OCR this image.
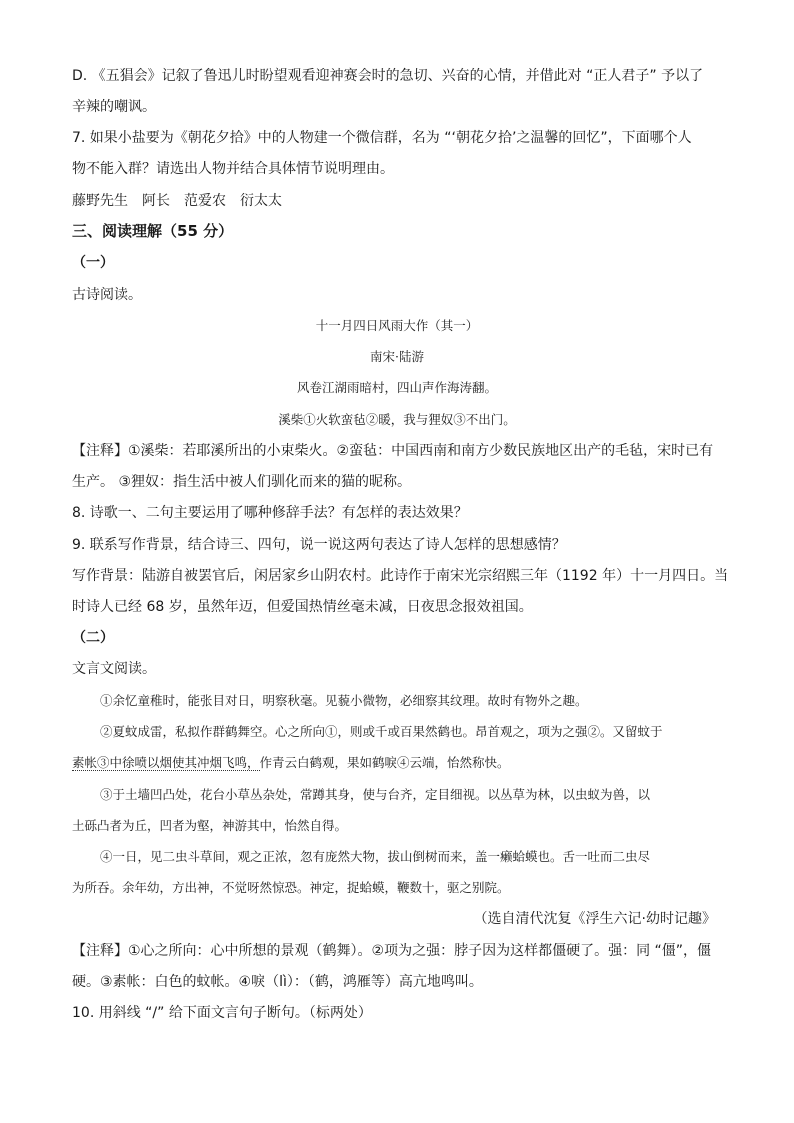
D. 《五猖会》记叙了鲁迅儿时盼望观看迎神赛会时的急切、兴奋的心情，并借此对 “正人君子” 予以了
辛辣的嘲讽。
7. 如果小盐要为《朝花夕拾》中的人物建一个微信群，名为 “‘朝花夕拾’之温馨的回忆”，下面哪个人
物不能入群？请选出人物并结合具体情节说明理由。
藤野先生　阿长　范爱农　衍太太
三、阅读理解（55 分）
（一）
古诗阅读。
十一月四日风雨大作（其一）
南宋·陆游
风卷江湖雨暗村，四山声作海涛翻。
溪柴①火软蛮毡②暖，我与狸奴③不出门。
【注释】①溪柴：若耶溪所出的小束柴火。②蛮毡：中国西南和南方少数民族地区出产的毛毡，宋时已有
生产。 ③狸奴：指生活中被人们驯化而来的猫的昵称。
8. 诗歌一、二句主要运用了哪种修辞手法？有怎样的表达效果？
9. 联系写作背景，结合诗三、四句，说一说这两句表达了诗人怎样的思想感情？
写作背景：陆游自被罢官后，闲居家乡山阴农村。此诗作于南宋光宗绍熙三年（1192 年）十一月四日。当
时诗人已经 68 岁，虽然年迈，但爱国热情丝毫未减，日夜思念报效祖国。
（二）
文言文阅读。
①余忆童稚时，能张目对日，明察秋毫。见藐小微物，必细察其纹理。故时有物外之趣。
②夏蚊成雷，私拟作群鹤舞空。心之所向①，则或千或百果然鹤也。昂首观之，项为之强②。又留蚊于
素帐③中徐喷以烟使其冲烟飞鸣，作青云白鹤观，果如鹤唳④云端，怡然称快。
③于土墙凹凸处，花台小草丛杂处，常蹲其身，使与台齐，定目细视。以丛草为林，以虫蚁为兽，以
土砾凸者为丘，凹者为壑，神游其中，怡然自得。
④一日，见二虫斗草间，观之正浓，忽有庞然大物，拔山倒树而来，盖一癞蛤蟆也。舌一吐而二虫尽
为所吞。余年幼，方出神，不觉呀然惊恐。神定，捉蛤蟆，鞭数十，驱之别院。
（选自清代沈复《浮生六记·幼时记趣》
【注释】①心之所向：心中所想的景观（鹤舞）。②项为之强：脖子因为这样都僵硬了。强：同 “僵”，僵
硬。③素帐：白色的蚊帐。④唳（lì）：（鹤，鸿雁等）高亢地鸣叫。
10. 用斜线 “/” 给下面文言句子断句。（标两处）
